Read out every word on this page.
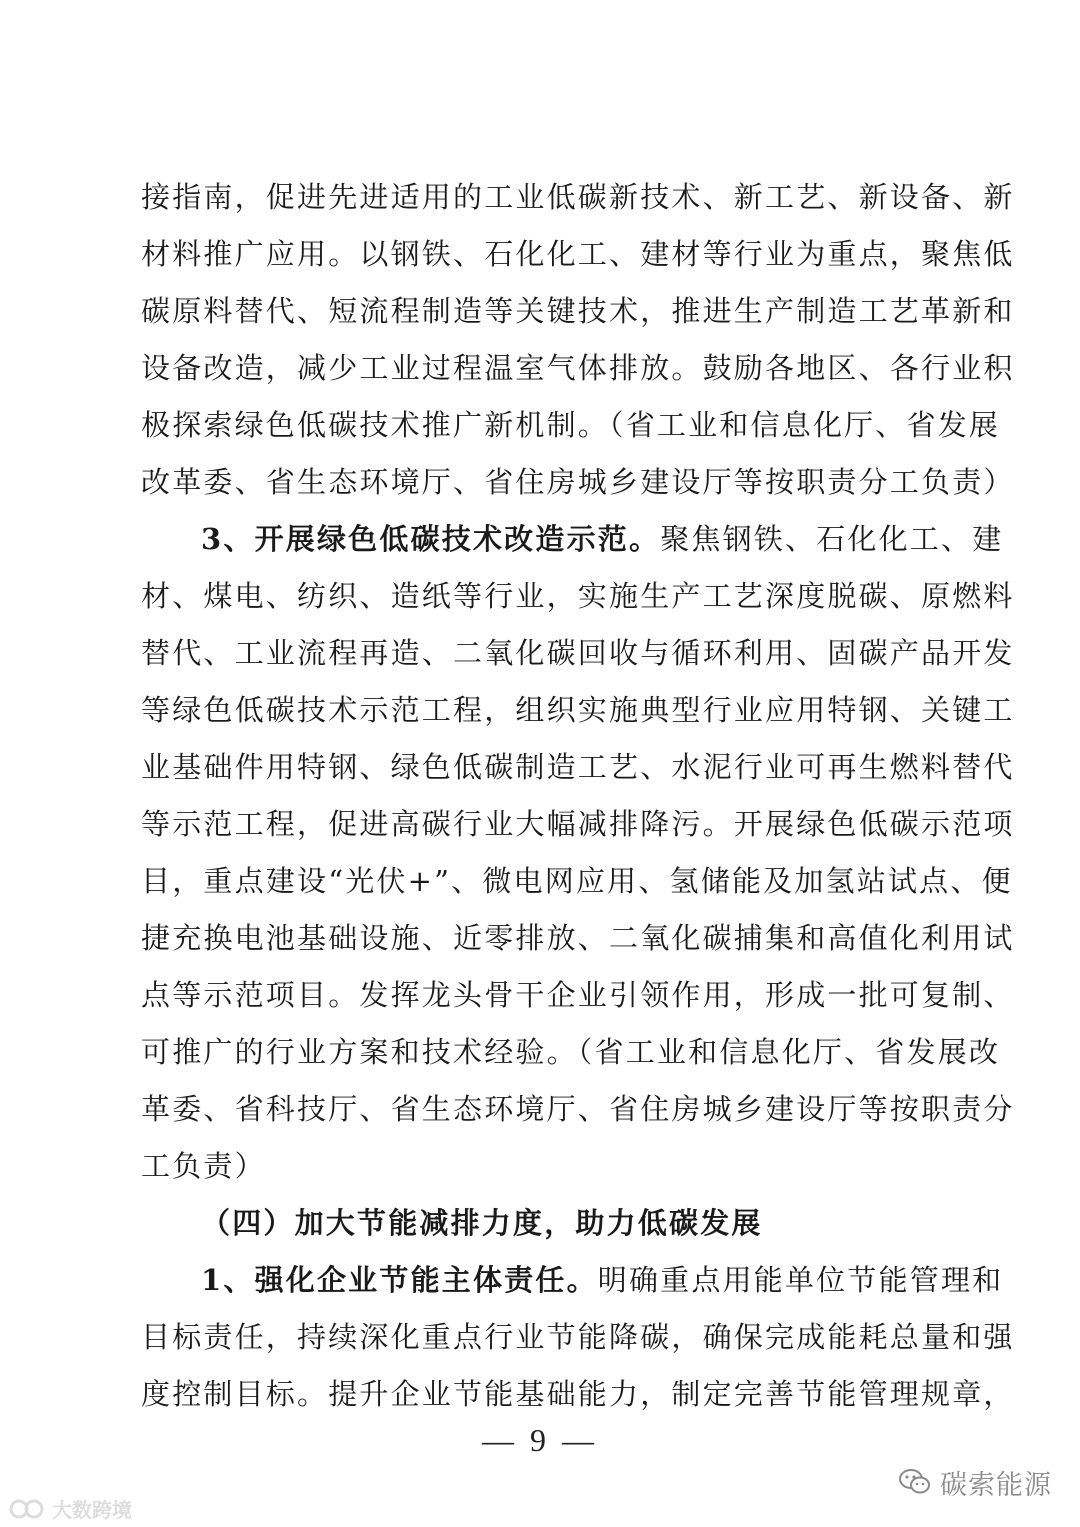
接指南，促进先进适用的工业低碳新技术、新工艺、新设备、新
材料推广应用。以钢铁、石化化工、建材等行业为重点，聚焦低
碳原料替代、短流程制造等关键技术，推进生产制造工艺革新和
设备改造，减少工业过程温室气体排放。鼓励各地区、各行业积
极探索绿色低碳技术推广新机制。（省工业和信息化厅、省发展
改革委、省生态环境厅、省住房城乡建设厅等按职责分工负责）
3、开展绿色低碳技术改造示范。聚焦钢铁、石化化工、建
材、煤电、纺织、造纸等行业，实施生产工艺深度脱碳、原燃料
替代、工业流程再造、二氧化碳回收与循环利用、固碳产品开发
等绿色低碳技术示范工程，组织实施典型行业应用特钢、关键工
业基础件用特钢、绿色低碳制造工艺、水泥行业可再生燃料替代
等示范工程，促进高碳行业大幅减排降污。开展绿色低碳示范项
目，重点建设“光伏+”、微电网应用、氢储能及加氢站试点、便
捷充换电池基础设施、近零排放、二氧化碳捕集和高值化利用试
点等示范项目。发挥龙头骨干企业引领作用，形成一批可复制、
可推广的行业方案和技术经验。（省工业和信息化厅、省发展改
革委、省科技厅、省生态环境厅、省住房城乡建设厅等按职责分
工负责）
（四）加大节能减排力度，助力低碳发展
1、强化企业节能主体责任。明确重点用能单位节能管理和
目标责任，持续深化重点行业节能降碳，确保完成能耗总量和强
度控制目标。提升企业节能基础能力，制定完善节能管理规章，
— 9 —
碳索能源
大数跨境
